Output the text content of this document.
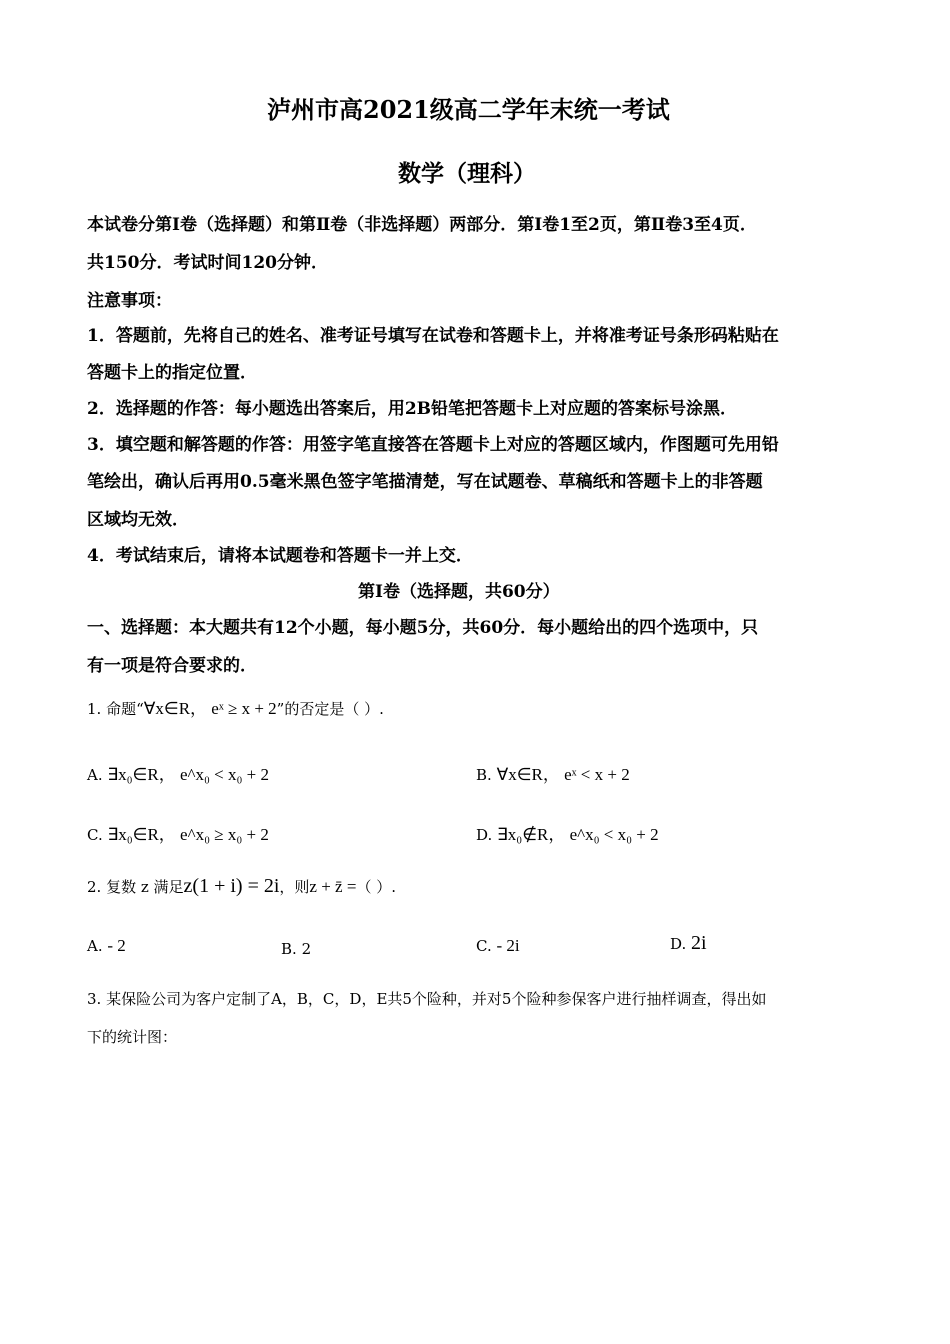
泸州市高2021级高二学年末统一考试
数学（理科）
本试卷分第Ⅰ卷（选择题）和第Ⅱ卷（非选择题）两部分．第Ⅰ卷1至2页，第Ⅱ卷3至4页．
共150分．考试时间120分钟．
注意事项：
1．答题前，先将自己的姓名、准考证号填写在试卷和答题卡上，并将准考证号条形码粘贴在
答题卡上的指定位置．
2．选择题的作答：每小题选出答案后，用2B铅笔把答题卡上对应题的答案标号涂黑．
3．填空题和解答题的作答：用签字笔直接答在答题卡上对应的答题区域内，作图题可先用铅
笔绘出，确认后再用0.5毫米黑色签字笔描清楚，写在试题卷、草稿纸和答题卡上的非答题
区域均无效．
4．考试结束后，请将本试题卷和答题卡一并上交．
第Ⅰ卷（选择题，共60分）
一、选择题：本大题共有12个小题，每小题5分，共60分．每小题给出的四个选项中，只
有一项是符合要求的．
1. 命题“∀x∈R， eˣ ≥ x + 2”的否定是（ ）.
A. ∃x₀∈R， e^x₀ < x₀ + 2	B. ∀x∈R， eˣ < x + 2
C. ∃x₀∈R， e^x₀ ≥ x₀ + 2	D. ∃x₀∉R， e^x₀ < x₀ + 2
2. 复数 z 满足z(1 + i) = 2i，则z + z̄ =（ ）.
A. - 2	B. 2	C. - 2i	D. 2i
3. 某保险公司为客户定制了A，B，C，D，E共5个险种，并对5个险种参保客户进行抽样调查，得出如
下的统计图：
